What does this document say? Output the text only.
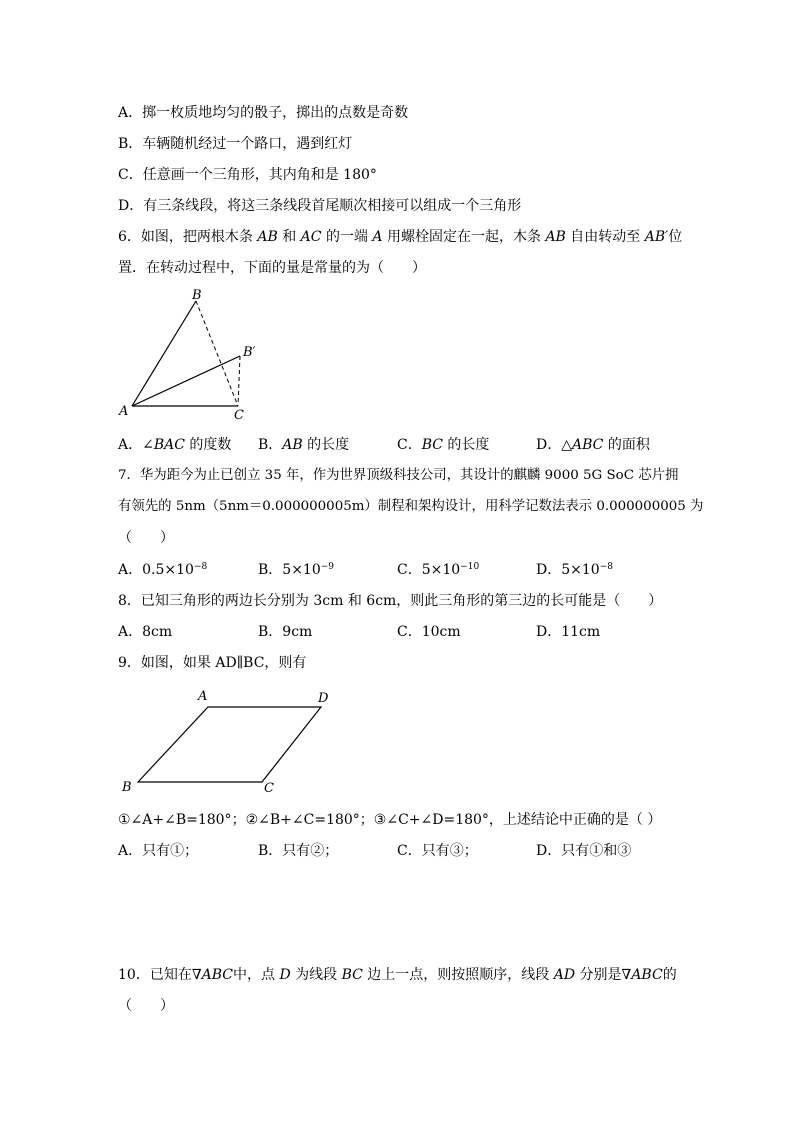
A．掷一枚质地均匀的骰子，掷出的点数是奇数
B．车辆随机经过一个路口，遇到红灯
C．任意画一个三角形，其内角和是 180°
D．有三条线段，将这三条线段首尾顺次相接可以组成一个三角形
6．如图，把两根木条 AB 和 AC 的一端 A 用螺栓固定在一起，木条 AB 自由转动至 AB′位
置．在转动过程中，下面的量是常量的为（　　）
B
B′
A	C
A．∠BAC 的度数 B．AB 的长度	C．BC 的长度	D．△ABC 的面积
7．华为距今为止已创立 35 年，作为世界顶级科技公司，其设计的麒麟 9000 5G SoC 芯片拥
有领先的 5nm（5nm＝0.000000005m）制程和架构设计，用科学记数法表示 0.000000005 为
（　　）
A．$0.5\times 10^{-8}$	B．$5\times 10^{-9}$	C．$5\times 10^{-10}$	D．$5\times 10^{-8}$
8．已知三角形的两边长分别为 3cm 和 6cm，则此三角形的第三边的长可能是（　　）
A．8cm	B．9cm	C．10cm	D．11cm
9．如图，如果 AD∥BC，则有
A	D
B	C
①∠A+∠B=180°；②∠B+∠C=180°；③∠C+∠D=180°，上述结论中正确的是（ ）
A．只有①；	B．只有②；	C．只有③；	D．只有①和③
10．已知在∇ABC中，点 D 为线段 BC 边上一点，则按照顺序，线段 AD 分别是∇ABC的
（　　）
